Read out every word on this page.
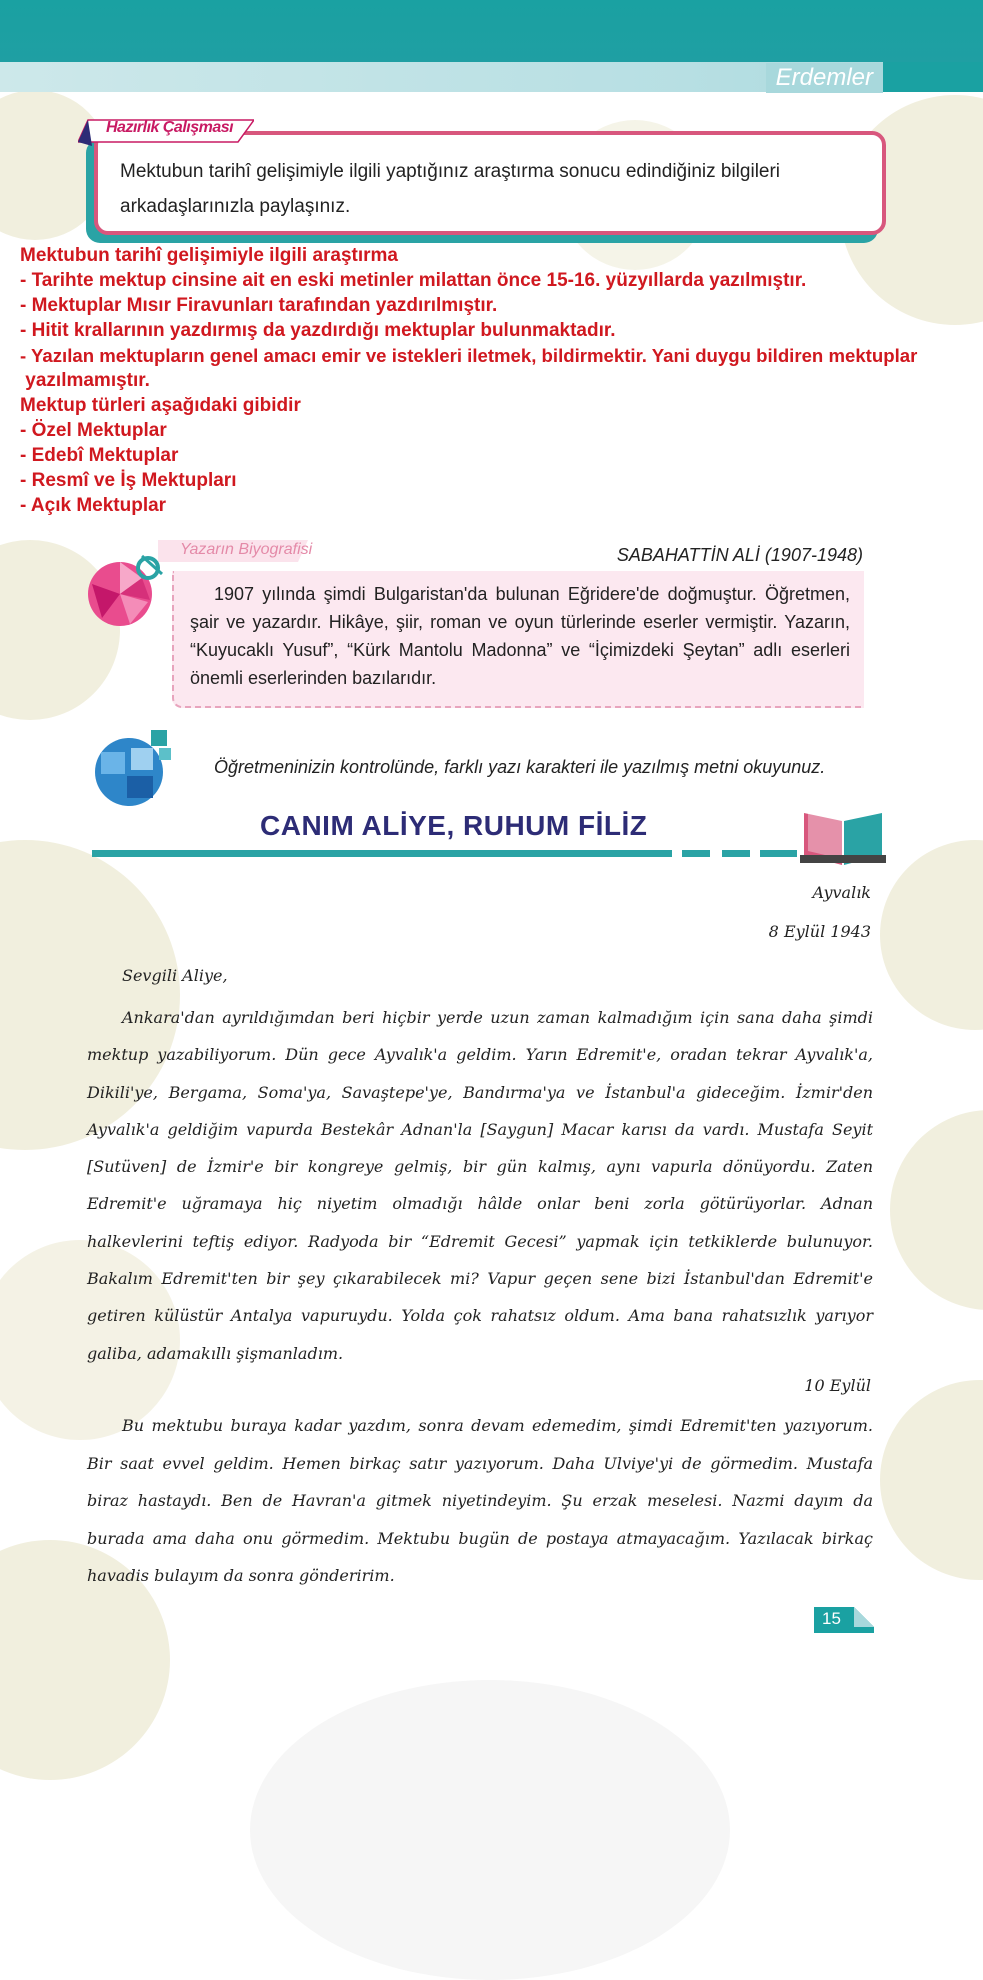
Erdemler
Hazırlık Çalışması
Mektubun tarihî gelişimiyle ilgili yaptığınız araştırma sonucu edindiğiniz bilgileri arkadaşlarınızla paylaşınız.
Mektubun tarihî gelişimiyle ilgili araştırma
- Tarihte mektup cinsine ait en eski metinler milattan önce 15-16. yüzyıllarda yazılmıştır.
- Mektuplar Mısır Firavunları tarafından yazdırılmıştır.
- Hitit krallarının yazdırmış da yazdırdığı mektuplar bulunmaktadır.
- Yazılan mektupların genel amacı emir ve istekleri iletmek, bildirmektir. Yani duygu bildiren mektuplar
yazılmamıştır.
Mektup türleri aşağıdaki gibidir
- Özel Mektuplar
- Edebî Mektuplar
- Resmî ve İş Mektupları
- Açık Mektuplar
Yazarın Biyografisi	SABAHATTİN ALİ (1907-1948)
1907 yılında şimdi Bulgaristan'da bulunan Eğridere'de doğmuştur. Öğretmen, şair ve yazardır. Hikâye, şiir, roman ve oyun türlerinde eserler vermiştir. Yazarın, “Kuyucaklı Yusuf”, “Kürk Mantolu Madonna” ve “İçimizdeki Şeytan” adlı eserleri önemli eserlerinden bazılarıdır.
Öğretmeninizin kontrolünde, farklı yazı karakteri ile yazılmış metni okuyunuz.
CANIM ALİYE, RUHUM FİLİZ
Ayvalık
8 Eylül 1943
Sevgili Aliye,
Ankara'dan ayrıldığımdan beri hiçbir yerde uzun zaman kalmadığım için sana daha şimdi mektup yazabiliyorum. Dün gece Ayvalık'a geldim. Yarın Edremit'e, oradan tekrar Ayvalık'a, Dikili'ye, Bergama, Soma'ya, Savaştepe'ye, Bandırma'ya ve İstanbul'a gideceğim. İzmir'den Ayvalık'a geldiğim vapurda Bestekâr Adnan'la [Saygun] Macar karısı da vardı. Mustafa Seyit [Sutüven] de İzmir'e bir kongreye gelmiş, bir gün kalmış, aynı vapurla dönüyordu. Zaten Edremit'e uğramaya hiç niyetim olmadığı hâlde onlar beni zorla götürüyorlar. Adnan halkevlerini teftiş ediyor. Radyoda bir “Edremit Gecesi” yapmak için tetkiklerde bulunuyor. Bakalım Edremit'ten bir şey çıkarabilecek mi? Vapur geçen sene bizi İstanbul'dan Edremit'e getiren külüstür Antalya vapuruydu. Yolda çok rahatsız oldum. Ama bana rahatsızlık yarıyor galiba, adamakıllı şişmanladım.
10 Eylül
Bu mektubu buraya kadar yazdım, sonra devam edemedim, şimdi Edremit'ten yazıyorum. Bir saat evvel geldim. Hemen birkaç satır yazıyorum. Daha Ulviye'yi de görmedim. Mustafa biraz hastaydı. Ben de Havran'a gitmek niyetindeyim. Şu erzak meselesi. Nazmi dayım da burada ama daha onu görmedim. Mektubu bugün de postaya atmayacağım. Yazılacak birkaç havadis bulayım da sonra gönderirim.
15
